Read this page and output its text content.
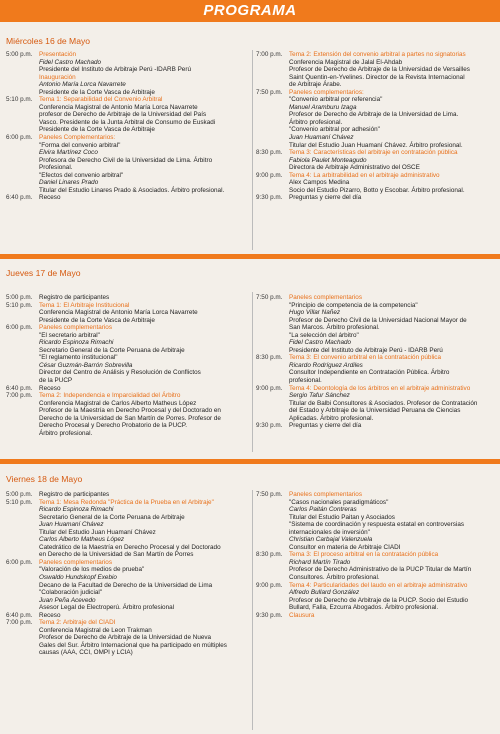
PROGRAMA
Miércoles 16 de Mayo
5:00 p.m.	Presentación
Fidel Castro Machado
Presidente del Instituto de Arbitraje Perú -IDARB Perú
Inauguración
Antonio María Lorca Navarrete
Presidente de la Corte Vasca de Arbitraje
5:10 p.m.	Tema 1: Separabilidad del Convenio Arbitral
Conferencia Magistral de Antonio María Lorca Navarrete
profesor de Derecho de Arbitraje de la Universidad del País
Vasco. Presidente de la Junta Arbitral de Consumo de Euskadi
Presidente de la Corte Vasca de Arbitraje
6:00 p.m.	Paneles Complementarios:
"Forma del convenio arbitral"
Elvira Martínez Coco
Profesora de Derecho Civil de la Universidad de Lima. Árbitro
Profesional.
"Efectos del convenio arbitral"
Daniel Linares Prado
Titular del Estudio Linares Prado & Asociados. Árbitro profesional.
6:40 p.m.	Receso
7:00 p.m.	Tema 2: Extensión del convenio arbitral a partes no signatorias
Conferencia Magistral de Jalal El-Ahdab
Profesor de Derecho de Arbitraje de la Universidad de Versailles
Saint Quentin-en-Yvelines. Director de la Revista Internacional
de Arbitraje Árabe.
7:50 p.m.	Paneles complementarios:
"Convenio arbitral por referencia"
Manuel Aramburu Izaga
Profesor de Derecho de Arbitraje de la Universidad de Lima.
Árbitro profesional.
"Convenio arbitral por adhesión"
Juan Huamaní Chávez
Titular del Estudio Juan Huamaní Chávez. Árbitro profesional.
8:30 p.m.	Tema 3: Características del arbitraje en contratación pública
Fabiola Paulet Monteagudo
Directora de Arbitraje Administrativo del OSCE
9:00 p.m.	Tema 4: La arbitrabilidad en el arbitraje administrativo
Alex Campos Medina
Socio del Estudio Pizarro, Botto y Escobar. Árbitro profesional.
9:30 p.m.	Preguntas y cierre del día
Jueves 17 de Mayo
5:00 p.m.	Registro de participantes
5:10 p.m.	Tema 1: El Arbitraje Institucional
Conferencia Magistral de Antonio María Lorca Navarrete
Presidente de la Corte Vasca de Arbitraje
6:00 p.m.	Paneles complementarios
"El secretario arbitral"
Ricardo Espinoza Rimachi
Secretario General de la Corte Peruana de Arbitraje
"El reglamento institucional"
César Guzmán-Barrón Sobrevilla
Director del Centro de Análisis y Resolución de Conflictos
de la PUCP
6:40 p.m.	Receso
7:00 p.m.	Tema 2: Independencia e Imparcialidad del Árbitro
Conferencia Magistral de Carlos Alberto Matheus López
Profesor de la Maestría en Derecho Procesal y del Doctorado en
Derecho de la Universidad de San Martín de Porres. Profesor de
Derecho Procesal y Derecho Probatorio de la PUCP.
Árbitro profesional.
7:50 p.m.	Paneles complementarios
"Principio de competencia de la competencia"
Hugo Villar Nañez
Profesor de Derecho Civil de la Universidad Nacional Mayor de
San Marcos. Árbitro profesional.
"La selección del árbitro"
Fidel Castro Machado
Presidente del Instituto de Arbitraje Perú - IDARB Perú
8:30 p.m.	Tema 3: El convenio arbitral en la contratación pública
Ricardo Rodríguez Ardiles
Consultor Independiente en Contratación Pública. Árbitro
profesional.
9:00 p.m.	Tema 4: Deontología de los árbitros en el arbitraje administrativo
Sergio Tafur Sánchez
Titular de Balbi Consultores & Asociados. Profesor de Contratación
del Estado y Arbitraje de la Universidad Peruana de Ciencias
Aplicadas. Árbitro profesional.
9:30 p.m.	Preguntas y cierre del día
Viernes 18 de Mayo
5:00 p.m.	Registro de participantes
5:10 p.m.	Tema 1: Mesa Redonda "Práctica de la Prueba en el Arbitraje"
Ricardo Espinoza Rimachi
Secretario General de la Corte Peruana de Arbitraje
Juan Huamaní Chávez
Titular del Estudio Juan Huamaní Chávez
Carlos Alberto Matheus López
Catedrático de la Maestría en Derecho Procesal y del Doctorado
en Derecho de la Universidad de San Martín de Porres
6:00 p.m.	Paneles complementarios
"Valoración de los medios de prueba"
Oswaldo Hundskopf Exebio
Decano de la Facultad de Derecho de la Universidad de Lima
"Colaboración judicial"
Juan Peña Acevedo
Asesor Legal de Electroperú. Árbitro profesional
6:40 p.m.	Receso
7:00 p.m.	Tema 2: Arbitraje del CIADI
Conferencia Magistral de Leon Trakman
Profesor de Derecho de Arbitraje de la Universidad de Nueva
Gales del Sur. Árbitro Internacional que ha participado en múltiples
causas (AAA, CCI, OMPI y LCIA)
7:50 p.m.	Paneles complementarios
"Casos nacionales paradigmáticos"
Carlos Paitán Contreras
Titular del Estudio Paitan y Asociados
"Sistema de coordinación y respuesta estatal en controversias
internacionales de inversión"
Christian Carbajal Valenzuela
Consultor en materia de Arbitraje CIADI
8:30 p.m.	Tema 3: El proceso arbitral en la contratación pública
Richard Martín Tirado
Profesor de Derecho Administrativo de la PUCP Titular de Martín
Consultores. Árbitro profesional.
9:00 p.m.	Tema 4: Particularidades del laudo en el arbitraje administrativo
Alfredo Bullard González
Profesor de Derecho de Arbitraje de la PUCP. Socio del Estudio
Bullard, Falla, Ezcurra Abogados. Árbitro profesional.
9:30 p.m.	Clausura
